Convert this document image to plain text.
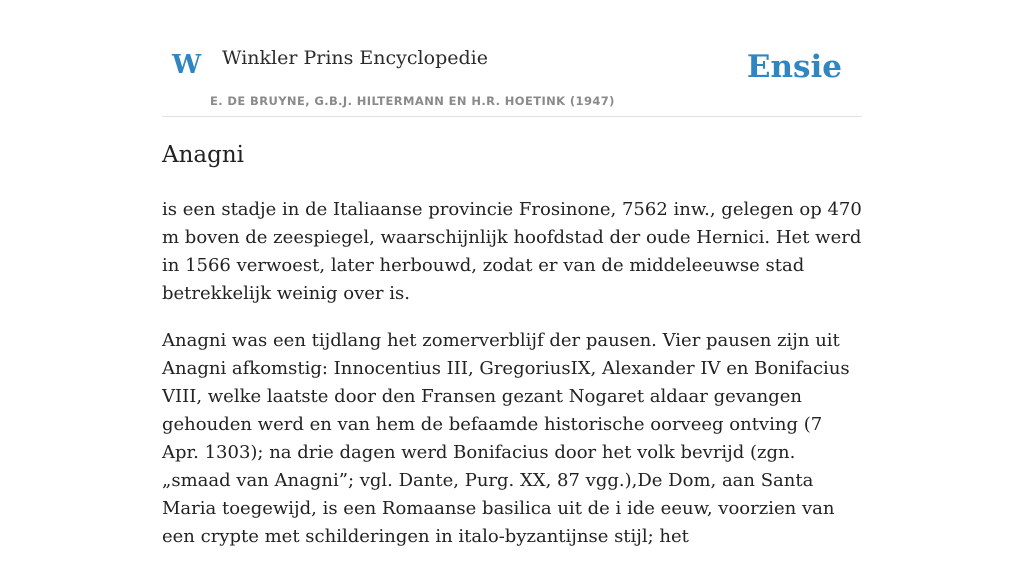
W Winkler Prins Encyclopedie
E. DE BRUYNE, G.B.J. HILTERMANN EN H.R. HOETINK (1947)
Ensie
Anagni

is een stadje in de Italiaanse provincie Frosinone, 7562 inw., gelegen op 470 m boven de zeespiegel, waarschijnlijk hoofdstad der oude Hernici. Het werd in 1566 verwoest, later herbouwd, zodat er van de middeleeuwse stad betrekkelijk weinig over is.

Anagni was een tijdlang het zomerverblijf der pausen. Vier pausen zijn uit Anagni afkomstig: Innocentius III, GregoriusIX, Alexander IV en Bonifacius VIII, welke laatste door den Fransen gezant Nogaret aldaar gevangen gehouden werd en van hem de befaamde historische oorveeg ontving (7 Apr. 1303); na drie dagen werd Bonifacius door het volk bevrijd (zgn. „smaad van Anagni”; vgl. Dante, Purg. XX, 87 vgg.),De Dom, aan Santa Maria toegewijd, is een Romaanse basilica uit de i ide eeuw, voorzien van een crypte met schilderingen in italo-byzantijnse stijl; het
